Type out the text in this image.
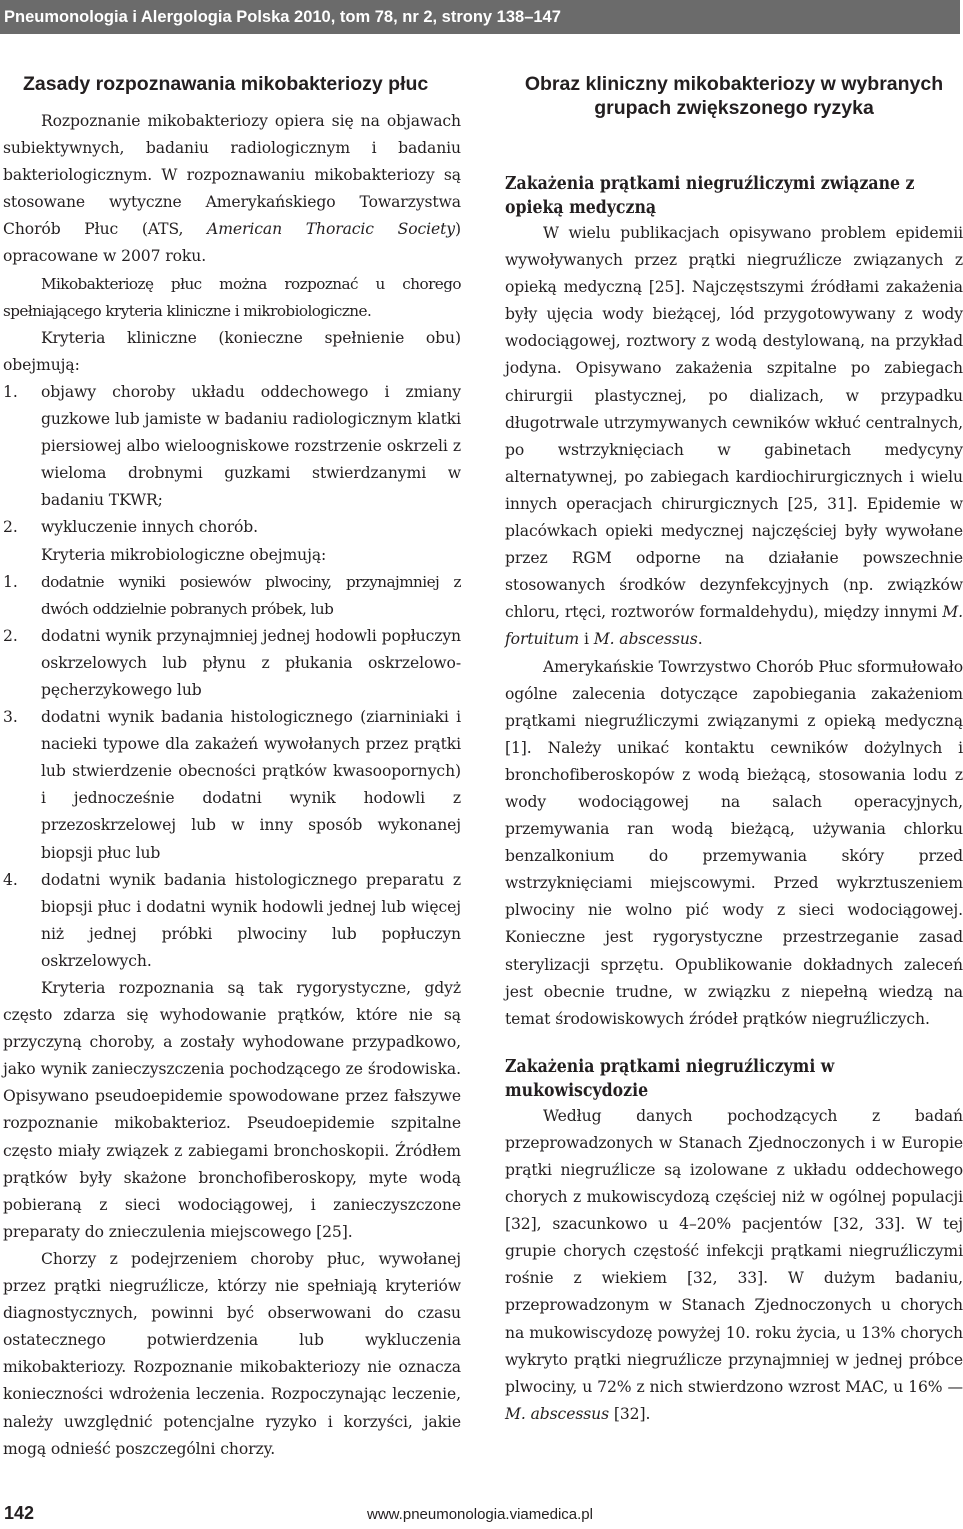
Pneumonologia i Alergologia Polska 2010, tom 78, nr 2, strony 138–147
Zasady rozpoznawania mikobakteriozy płuc

Rozpoznanie mikobakteriozy opiera się na objawach subiektywnych, badaniu radiologicznym i badaniu bakteriologicznym. W rozpoznawaniu mikobakteriozy są stosowane wytyczne Amerykańskiego Towarzystwa Chorób Płuc (ATS, American Thoracic Society) opracowane w 2007 roku.

Mikobakteriozę płuc można rozpoznać u chorego spełniającego kryteria kliniczne i mikrobiologiczne.

Kryteria kliniczne (konieczne spełnienie obu) obejmują:

1. objawy choroby układu oddechowego i zmiany guzkowe lub jamiste w badaniu radiologicznym klatki piersiowej albo wieloogniskowe rozstrzenie oskrzeli z wieloma drobnymi guzkami stwierdzanymi w badaniu TKWR;
2. wykluczenie innych chorób.

Kryteria mikrobiologiczne obejmują:

1. dodatnie wyniki posiewów plwociny, przynajmniej z dwóch oddzielnie pobranych próbek, lub
2. dodatni wynik przynajmniej jednej hodowli popłuczyn oskrzelowych lub płynu z płukania oskrzelowo-pęcherzykowego lub
3. dodatni wynik badania histologicznego (ziarniniaki i nacieki typowe dla zakażeń wywołanych przez prątki lub stwierdzenie obecności prątków kwasoopornych) i jednocześnie dodatni wynik hodowli z przezoskrzelowej lub w inny sposób wykonanej biopsji płuc lub
4. dodatni wynik badania histologicznego preparatu z biopsji płuc i dodatni wynik hodowli jednej lub więcej niż jednej próbki plwociny lub popłuczyn oskrzelowych.

Kryteria rozpoznania są tak rygorystyczne, gdyż często zdarza się wyhodowanie prątków, które nie są przyczyną choroby, a zostały wyhodowane przypadkowo, jako wynik zanieczyszczenia pochodzącego ze środowiska. Opisywano pseudoepidemie spowodowane przez fałszywe rozpoznanie mikobakterioz. Pseudoepidemie szpitalne często miały związek z zabiegami bronchoskopii. Źródłem prątków były skażone bronchofiberoskopy, myte wodą pobieraną z sieci wodociągowej, i zanieczyszczone preparaty do znieczulenia miejscowego [25].

Chorzy z podejrzeniem choroby płuc, wywołanej przez prątki niegruźlicze, którzy nie spełniają kryteriów diagnostycznych, powinni być obserwowani do czasu ostatecznego potwierdzenia lub wykluczenia mikobakteriozy. Rozpoznanie mikobakteriozy nie oznacza konieczności wdrożenia leczenia. Rozpoczynając leczenie, należy uwzględnić potencjalne ryzyko i korzyści, jakie mogą odnieść poszczególni chorzy.

Obraz kliniczny mikobakteriozy w wybranych grupach zwiększonego ryzyka
Zakażenia prątkami niegruźliczymi związane z opieką medyczną

W wielu publikacjach opisywano problem epidemii wywoływanych przez prątki niegruźlicze związanych z opieką medyczną [25]. Najczęstszymi źródłami zakażenia były ujęcia wody bieżącej, lód przygotowywany z wody wodociągowej, roztwory z wodą destylowaną, na przykład jodyna. Opisywano zakażenia szpitalne po zabiegach chirurgii plastycznej, po dializach, w przypadku długotrwale utrzymywanych cewników wkłuć centralnych, po wstrzyknięciach w gabinetach medycyny alternatywnej, po zabiegach kardiochirurgicznych i wielu innych operacjach chirurgicznych [25, 31]. Epidemie w placówkach opieki medycznej najczęściej były wywołane przez RGM odporne na działanie powszechnie stosowanych środków dezynfekcyjnych (np. związków chloru, rtęci, roztworów formaldehydu), między innymi M. fortuitum i M. abscessus.

Amerykańskie Towrzystwo Chorób Płuc sformułowało ogólne zalecenia dotyczące zapobiegania zakażeniom prątkami niegruźliczymi związanymi z opieką medyczną [1]. Należy unikać kontaktu cewników dożylnych i bronchofiberoskopów z wodą bieżącą, stosowania lodu z wody wodociągowej na salach operacyjnych, przemywania ran wodą bieżącą, używania chlorku benzalkonium do przemywania skóry przed wstrzyknięciami miejscowymi. Przed wykrztuszeniem plwociny nie wolno pić wody z sieci wodociągowej. Konieczne jest rygorystyczne przestrzeganie zasad sterylizacji sprzętu. Opublikowanie dokładnych zaleceń jest obecnie trudne, w związku z niepełną wiedzą na temat środowiskowych źródeł prątków niegruźliczych.

Zakażenia prątkami niegruźliczymi w mukowiscydozie

Według danych pochodzących z badań przeprowadzonych w Stanach Zjednoczonych i w Europie prątki niegruźlicze są izolowane z układu oddechowego chorych z mukowiscydozą częściej niż w ogólnej populacji [32], szacunkowo u 4–20% pacjentów [32, 33]. W tej grupie chorych częstość infekcji prątkami niegruźliczymi rośnie z wiekiem [32, 33]. W dużym badaniu, przeprowadzonym w Stanach Zjednoczonych u chorych na mukowiscydozę powyżej 10. roku życia, u 13% chorych wykryto prątki niegruźlicze przynajmniej w jednej próbce plwociny, u 72% z nich stwierdzono wzrost MAC, u 16% — M. abscessus [32].

142	www.pneumonologia.viamedica.pl
